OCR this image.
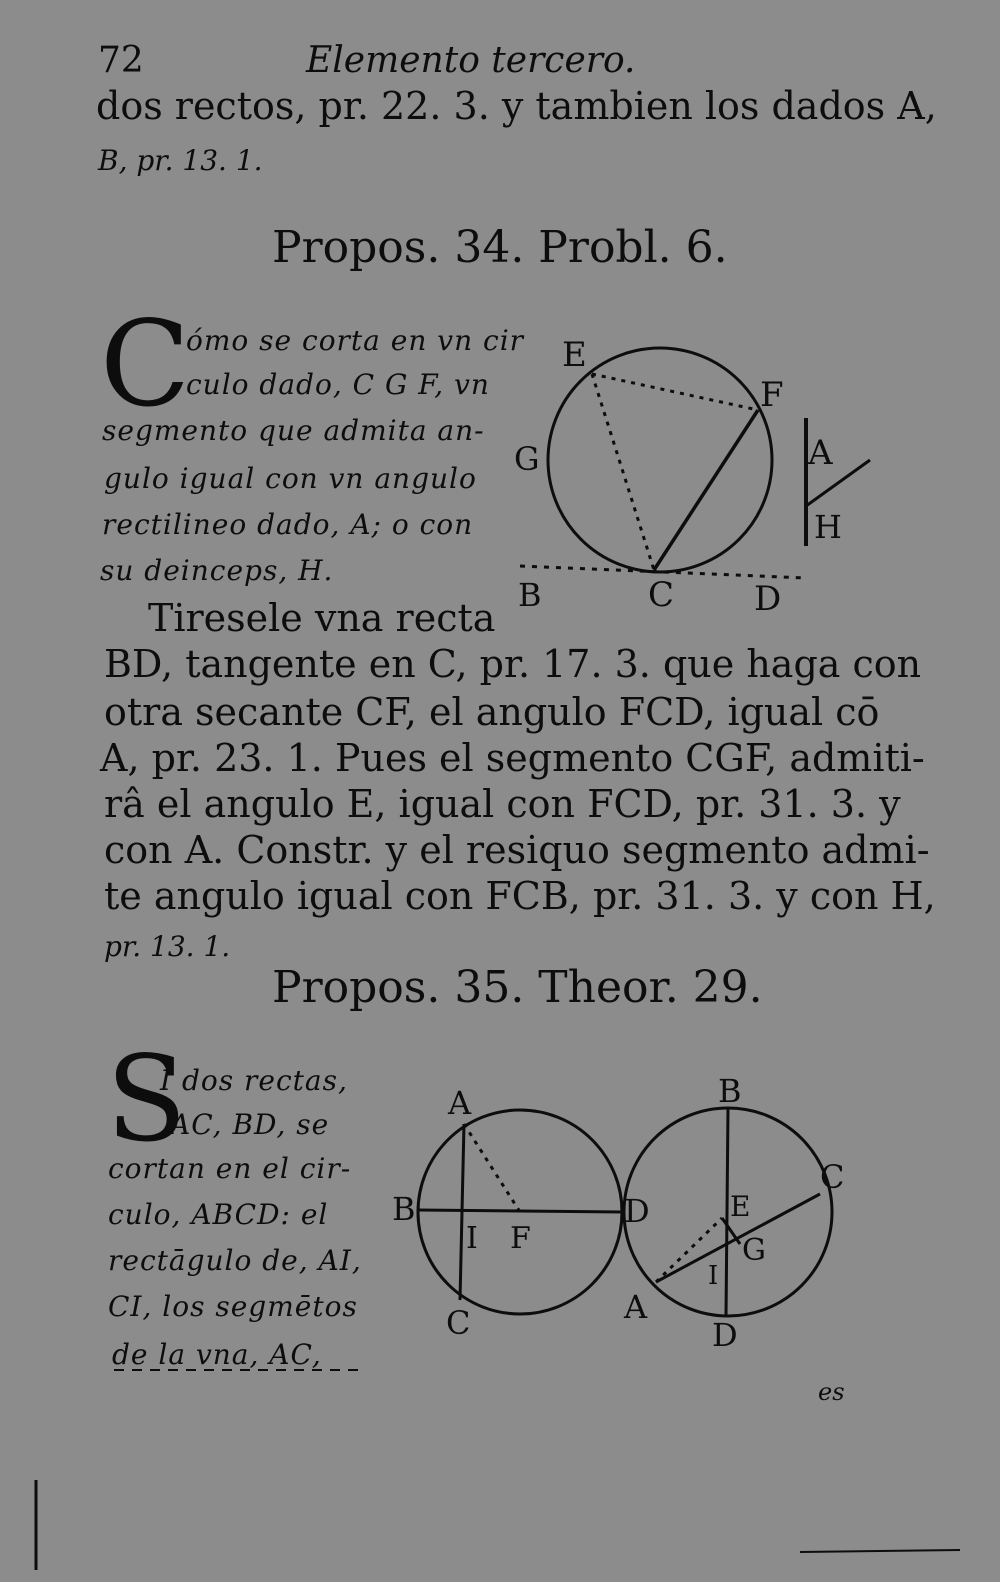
72	Elemento tercero.
dos rectos, pr. 22. 3. y tambien los dados A,
B, pr. 13. 1.
Propos. 34. Probl. 6.
C
ómo se corta en vn cir
culo dado, C G F, vn
segmento que admita an-
gulo igual con vn angulo
rectilineo dado, A; o con
su deinceps, H.
Tiresele vna recta
BD, tangente en C, pr. 17. 3. que haga con
otra secante CF, el angulo FCD, igual cō
A, pr. 23. 1. Pues el segmento CGF, admiti-
râ el angulo E, igual con FCD, pr. 31. 3. y
con A. Constr. y el resiquo segmento admi-
te angulo igual con FCB, pr. 31. 3. y con H,
pr. 13. 1.
E
F
G
C
B	D
A
H
Propos. 35. Theor. 29.
S
I dos rectas,
AC, BD, se
cortan en el cir-
culo, ABCD: el
rectāgulo de, AI,
CI, los segmētos
de la vna, AC,
A
B	D
I F
C
B
C
E
G
I
A
D
es
